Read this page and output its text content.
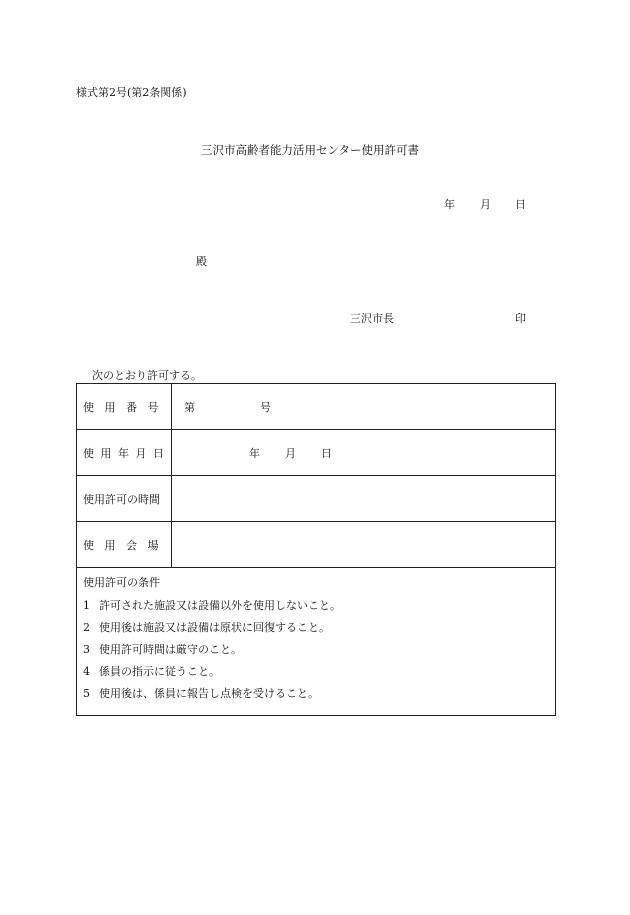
様式第2号(第2条関係)
三沢市高齢者能力活用センター使用許可書
年 月 日
殿
三沢市長	印
次のとおり許可する。
使用番号 第	号
使用年月日	年 月 日
使用許可の時間
使用会場
使用許可の条件
1 許可された施設又は設備以外を使用しないこと。
2 使用後は施設又は設備は原状に回復すること。
3 使用許可時間は厳守のこと。
4 係員の指示に従うこと。
5 使用後は、係員に報告し点検を受けること。
